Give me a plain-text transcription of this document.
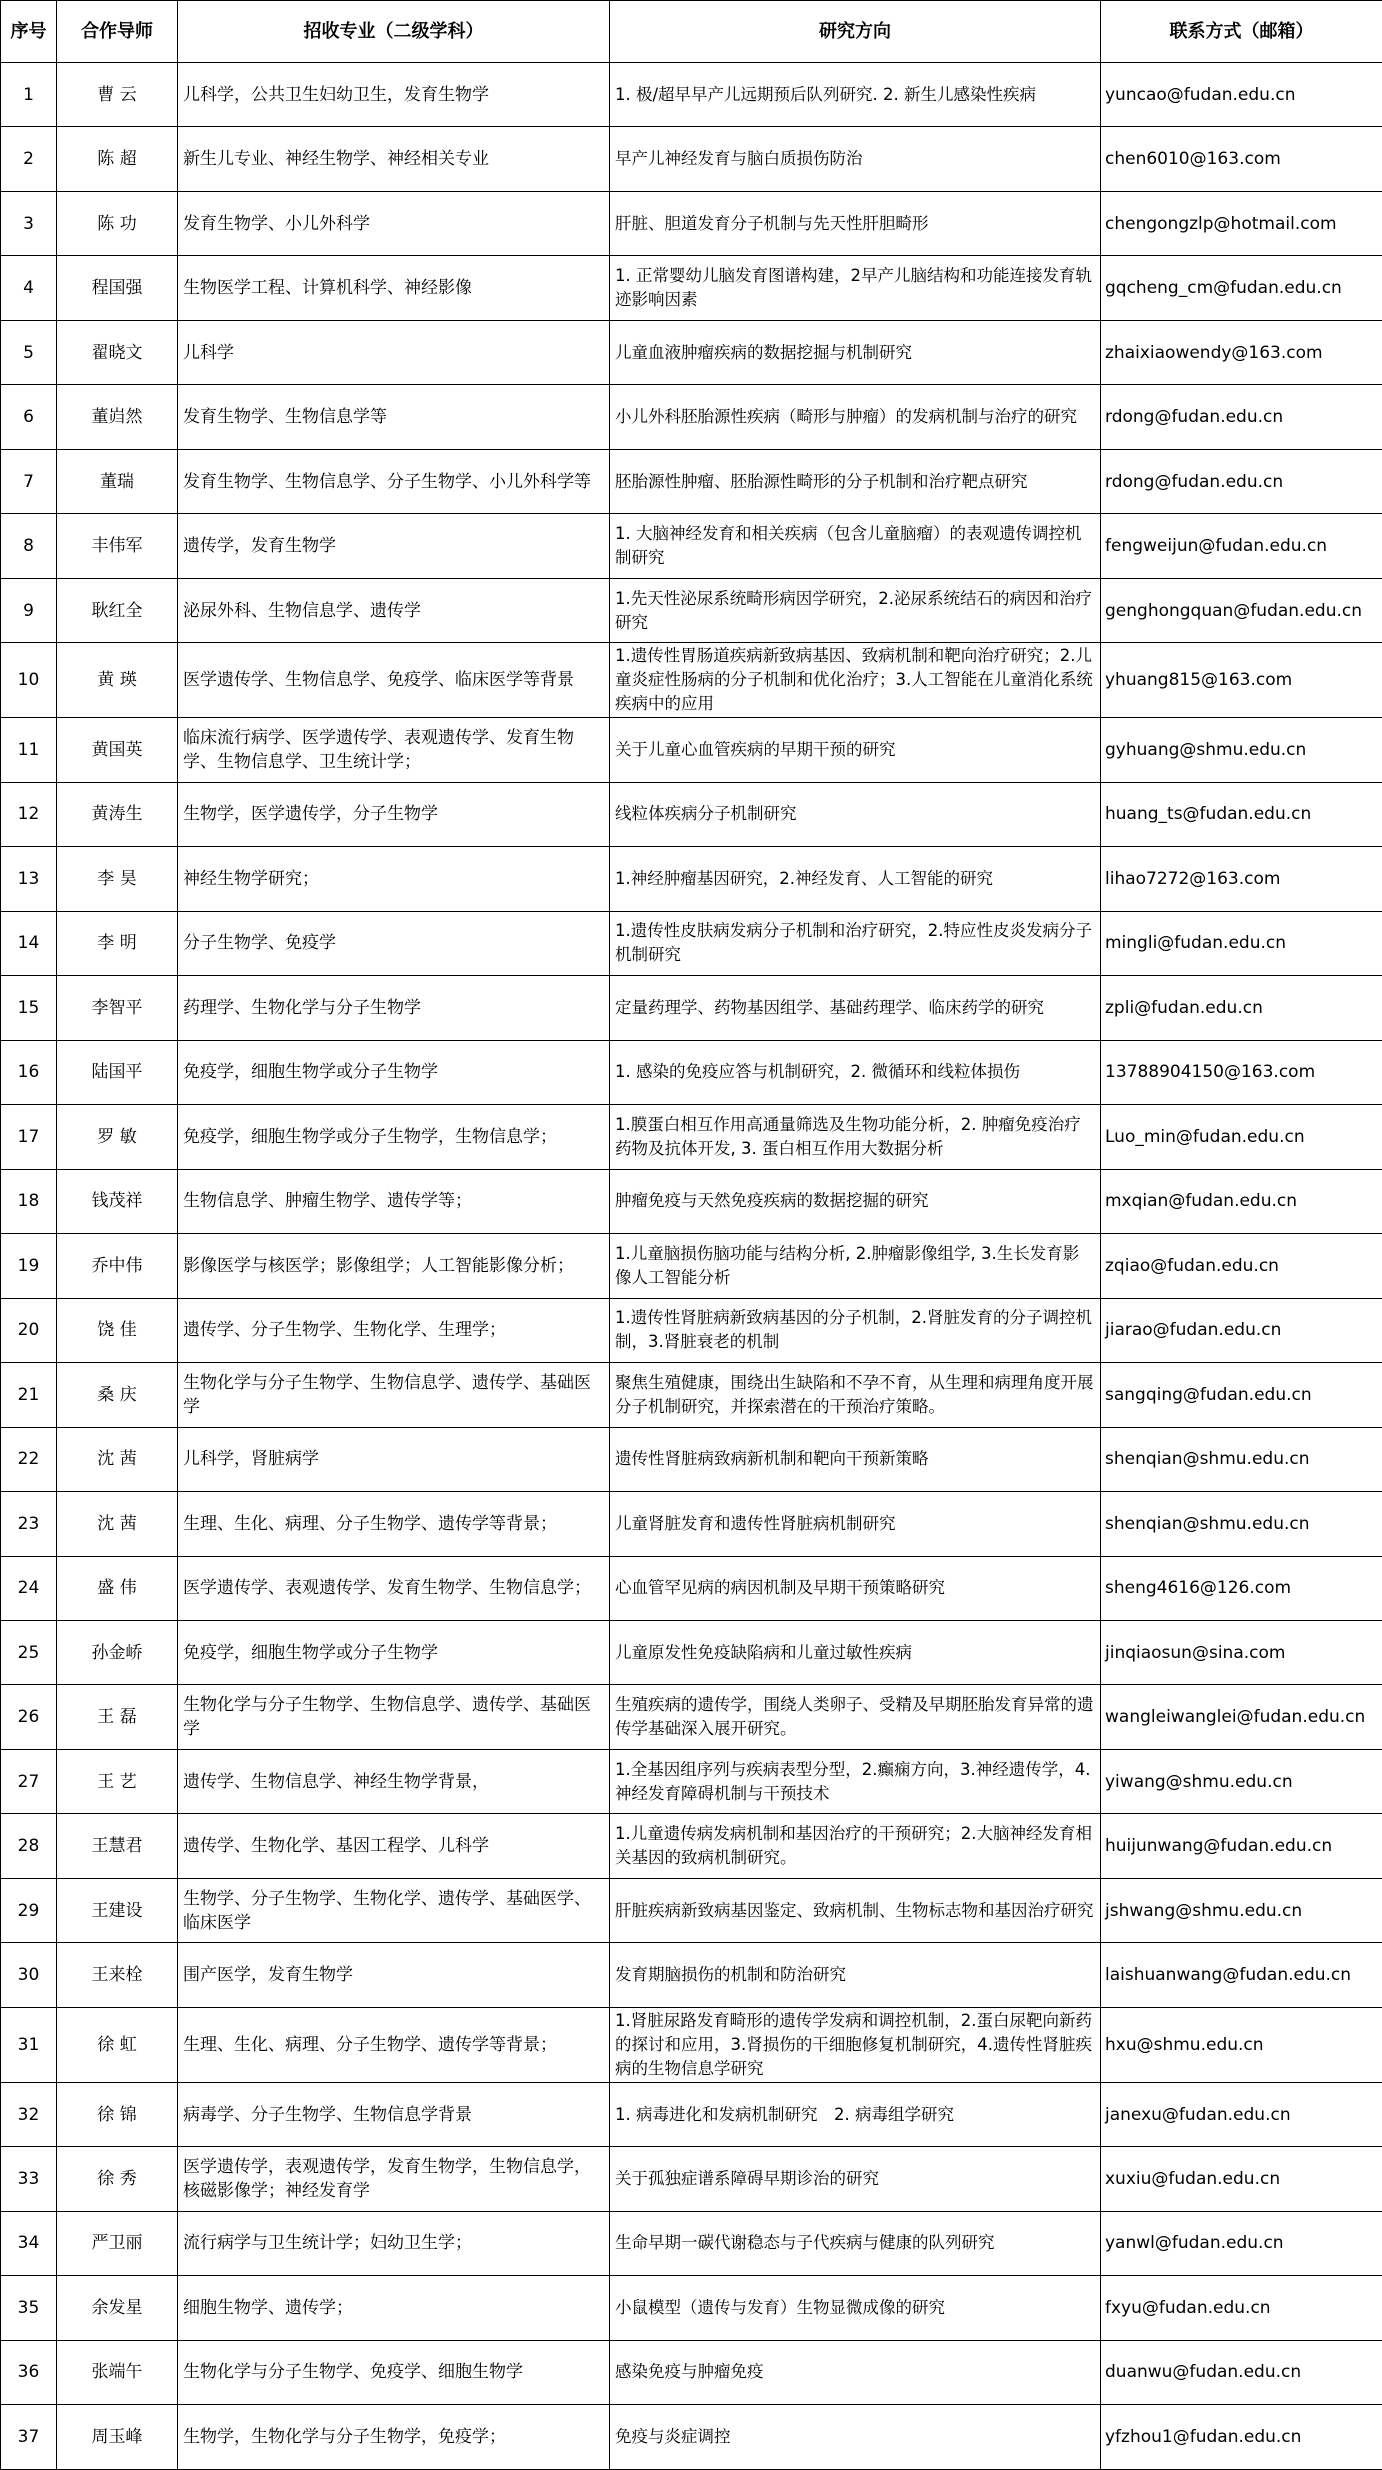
序号	合作导师	招收专业（二级学科）	研究方向	联系方式（邮箱）
1	曹 云	儿科学，公共卫生妇幼卫生，发育生物学	1. 极/超早早产儿远期预后队列研究. 2. 新生儿感染性疾病	yuncao@fudan.edu.cn
2	陈 超	新生儿专业、神经生物学、神经相关专业	早产儿神经发育与脑白质损伤防治	chen6010@163.com
3	陈 功	发育生物学、小儿外科学	肝脏、胆道发育分子机制与先天性肝胆畸形	chengongzlp@hotmail.com
4	程国强	生物医学工程、计算机科学、神经影像	1. 正常婴幼儿脑发育图谱构建，2早产儿脑结构和功能连接发育轨迹影响因素	gqcheng_cm@fudan.edu.cn
5	翟晓文	儿科学	儿童血液肿瘤疾病的数据挖掘与机制研究	zhaixiaowendy@163.com
6	董岿然	发育生物学、生物信息学等	小儿外科胚胎源性疾病（畸形与肿瘤）的发病机制与治疗的研究	rdong@fudan.edu.cn
7	董瑞	发育生物学、生物信息学、分子生物学、小儿外科学等	胚胎源性肿瘤、胚胎源性畸形的分子机制和治疗靶点研究	rdong@fudan.edu.cn
8	丰伟军	遗传学，发育生物学	1. 大脑神经发育和相关疾病（包含儿童脑瘤）的表观遗传调控机制研究	fengweijun@fudan.edu.cn
9	耿红全	泌尿外科、生物信息学、遗传学	1.先天性泌尿系统畸形病因学研究，2.泌尿系统结石的病因和治疗研究	genghongquan@fudan.edu.cn
10	黄 瑛	医学遗传学、生物信息学、免疫学、临床医学等背景	1.遗传性胃肠道疾病新致病基因、致病机制和靶向治疗研究；2.儿童炎症性肠病的分子机制和优化治疗；3.人工智能在儿童消化系统疾病中的应用	yhuang815@163.com
11	黄国英	临床流行病学、医学遗传学、表观遗传学、发育生物学、生物信息学、卫生统计学；	关于儿童心血管疾病的早期干预的研究	gyhuang@shmu.edu.cn
12	黄涛生	生物学，医学遗传学，分子生物学	线粒体疾病分子机制研究	huang_ts@fudan.edu.cn
13	李 昊	神经生物学研究；	1.神经肿瘤基因研究，2.神经发育、人工智能的研究	lihao7272@163.com
14	李 明	分子生物学、免疫学	1.遗传性皮肤病发病分子机制和治疗研究，2.特应性皮炎发病分子机制研究	mingli@fudan.edu.cn
15	李智平	药理学、生物化学与分子生物学	定量药理学、药物基因组学、基础药理学、临床药学的研究	zpli@fudan.edu.cn
16	陆国平	免疫学，细胞生物学或分子生物学	1. 感染的免疫应答与机制研究，2. 微循环和线粒体损伤	13788904150@163.com
17	罗 敏	免疫学，细胞生物学或分子生物学，生物信息学；	1.膜蛋白相互作用高通量筛选及生物功能分析，2. 肿瘤免疫治疗药物及抗体开发, 3. 蛋白相互作用大数据分析	Luo_min@fudan.edu.cn
18	钱茂祥	生物信息学、肿瘤生物学、遗传学等；	肿瘤免疫与天然免疫疾病的数据挖掘的研究	mxqian@fudan.edu.cn
19	乔中伟	影像医学与核医学；影像组学；人工智能影像分析；	1.儿童脑损伤脑功能与结构分析, 2.肿瘤影像组学, 3.生长发育影像人工智能分析	zqiao@fudan.edu.cn
20	饶 佳	遗传学、分子生物学、生物化学、生理学；	1.遗传性肾脏病新致病基因的分子机制，2.肾脏发育的分子调控机制，3.肾脏衰老的机制	jiarao@fudan.edu.cn
21	桑 庆	生物化学与分子生物学、生物信息学、遗传学、基础医学	聚焦生殖健康，围绕出生缺陷和不孕不育，从生理和病理角度开展分子机制研究，并探索潜在的干预治疗策略。	sangqing@fudan.edu.cn
22	沈 茜	儿科学，肾脏病学	遗传性肾脏病致病新机制和靶向干预新策略	shenqian@shmu.edu.cn
23	沈 茜	生理、生化、病理、分子生物学、遗传学等背景；	儿童肾脏发育和遗传性肾脏病机制研究	shenqian@shmu.edu.cn
24	盛 伟	医学遗传学、表观遗传学、发育生物学、生物信息学；	心血管罕见病的病因机制及早期干预策略研究	sheng4616@126.com
25	孙金峤	免疫学，细胞生物学或分子生物学	儿童原发性免疫缺陷病和儿童过敏性疾病	jinqiaosun@sina.com
26	王 磊	生物化学与分子生物学、生物信息学、遗传学、基础医学	生殖疾病的遗传学，围绕人类卵子、受精及早期胚胎发育异常的遗传学基础深入展开研究。	wangleiwanglei@fudan.edu.cn
27	王 艺	遗传学、生物信息学、神经生物学背景，	1.全基因组序列与疾病表型分型，2.癫痫方向，3.神经遗传学，4.神经发育障碍机制与干预技术	yiwang@shmu.edu.cn
28	王慧君	遗传学、生物化学、基因工程学、儿科学	1.儿童遗传病发病机制和基因治疗的干预研究；2.大脑神经发育相关基因的致病机制研究。	huijunwang@fudan.edu.cn
29	王建设	生物学、分子生物学、生物化学、遗传学、基础医学、临床医学	肝脏疾病新致病基因鉴定、致病机制、生物标志物和基因治疗研究	jshwang@shmu.edu.cn
30	王来栓	围产医学，发育生物学	发育期脑损伤的机制和防治研究	laishuanwang@fudan.edu.cn
31	徐 虹	生理、生化、病理、分子生物学、遗传学等背景；	1.肾脏尿路发育畸形的遗传学发病和调控机制，2.蛋白尿靶向新药的探讨和应用，3.肾损伤的干细胞修复机制研究，4.遗传性肾脏疾病的生物信息学研究	hxu@shmu.edu.cn
32	徐 锦	病毒学、分子生物学、生物信息学背景	1. 病毒进化和发病机制研究　2. 病毒组学研究	janexu@fudan.edu.cn
33	徐 秀	医学遗传学，表观遗传学，发育生物学，生物信息学，核磁影像学；神经发育学	关于孤独症谱系障碍早期诊治的研究	xuxiu@fudan.edu.cn
34	严卫丽	流行病学与卫生统计学；妇幼卫生学；	生命早期一碳代谢稳态与子代疾病与健康的队列研究	yanwl@fudan.edu.cn
35	余发星	细胞生物学、遗传学；	小鼠模型（遗传与发育）生物显微成像的研究	fxyu@fudan.edu.cn
36	张端午	生物化学与分子生物学、免疫学、细胞生物学	感染免疫与肿瘤免疫	duanwu@fudan.edu.cn
37	周玉峰	生物学，生物化学与分子生物学，免疫学；	免疫与炎症调控	yfzhou1@fudan.edu.cn
